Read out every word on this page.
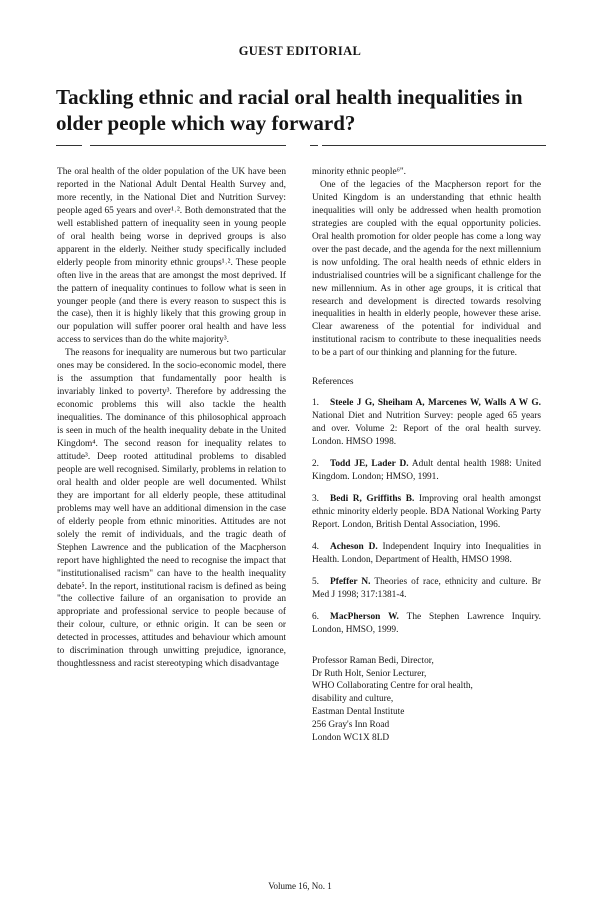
GUEST EDITORIAL
Tackling ethnic and racial oral health inequalities in older people which way forward?

The oral health of the older population of the UK have been reported in the National Adult Dental Health Survey and, more recently, in the National Diet and Nutrition Survey: people aged 65 years and over¹˒². Both demonstrated that the well established pattern of inequality seen in young people of oral health being worse in deprived groups is also apparent in the elderly. Neither study specifically included elderly people from minority ethnic groups¹˒². These people often live in the areas that are amongst the most deprived. If the pattern of inequality continues to follow what is seen in younger people (and there is every reason to suspect this is the case), then it is highly likely that this growing group in our population will suffer poorer oral health and have less access to services than do the white majority³.

The reasons for inequality are numerous but two particular ones may be considered. In the socio-economic model, there is the assumption that fundamentally poor health is invariably linked to poverty³. Therefore by addressing the economic problems this will also tackle the health inequalities. The dominance of this philosophical approach is seen in much of the health inequality debate in the United Kingdom⁴. The second reason for inequality relates to attitude³. Deep rooted attitudinal problems to disabled people are well recognised. Similarly, problems in relation to oral health and older people are well documented. Whilst they are important for all elderly people, these attitudinal problems may well have an additional dimension in the case of elderly people from ethnic minorities. Attitudes are not solely the remit of individuals, and the tragic death of Stephen Lawrence and the publication of the Macpherson report have highlighted the need to recognise the impact that "institutionalised racism" can have to the health inequality debate⁵. In the report, institutional racism is defined as being "the collective failure of an organisation to provide an appropriate and professional service to people because of their colour, culture, or ethnic origin. It can be seen or detected in processes, attitudes and behaviour which amount to discrimination through unwitting prejudice, ignorance, thoughtlessness and racist stereotyping which disadvantage

minority ethnic people⁶".

One of the legacies of the Macpherson report for the United Kingdom is an understanding that ethnic health inequalities will only be addressed when health promotion strategies are coupled with the equal opportunity policies. Oral health promotion for older people has come a long way over the past decade, and the agenda for the next millennium is now unfolding. The oral health needs of ethnic elders in industrialised countries will be a significant challenge for the new millennium. As in other age groups, it is critical that research and development is directed towards resolving inequalities in health in elderly people, however these arise. Clear awareness of the potential for individual and institutional racism to contribute to these inequalities needs to be a part of our thinking and planning for the future.

References

1. Steele J G, Sheiham A, Marcenes W, Walls A W G. National Diet and Nutrition Survey: people aged 65 years and over. Volume 2: Report of the oral health survey. London. HMSO 1998.
2. Todd JE, Lader D. Adult dental health 1988: United Kingdom. London; HMSO, 1991.
3. Bedi R, Griffiths B. Improving oral health amongst ethnic minority elderly people. BDA National Working Party Report. London, British Dental Association, 1996.
4. Acheson D. Independent Inquiry into Inequalities in Health. London, Department of Health, HMSO 1998.
5. Pfeffer N. Theories of race, ethnicity and culture. Br Med J 1998; 317:1381-4.
6. MacPherson W. The Stephen Lawrence Inquiry. London, HMSO, 1999.
Professor Raman Bedi, Director,
Dr Ruth Holt, Senior Lecturer,
WHO Collaborating Centre for oral health,
disability and culture,
Eastman Dental Institute
256 Gray's Inn Road
London WC1X 8LD
Volume 16, No. 1
